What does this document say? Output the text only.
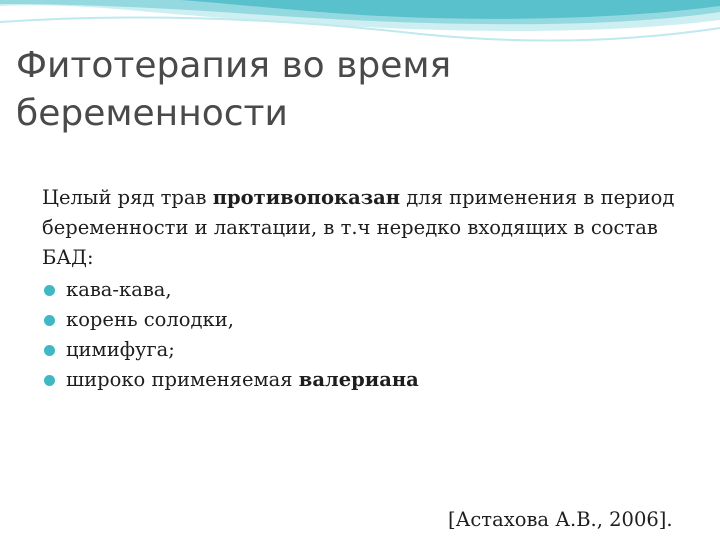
Фитотерапия во время
беременности

Целый ряд трав противопоказан для применения в период беременности и лактации, в т.ч нередко входящих в состав БАД:

кава-кава,
корень солодки,
цимифуга;
широко применяемая валериана
[Астахова А.В., 2006].
